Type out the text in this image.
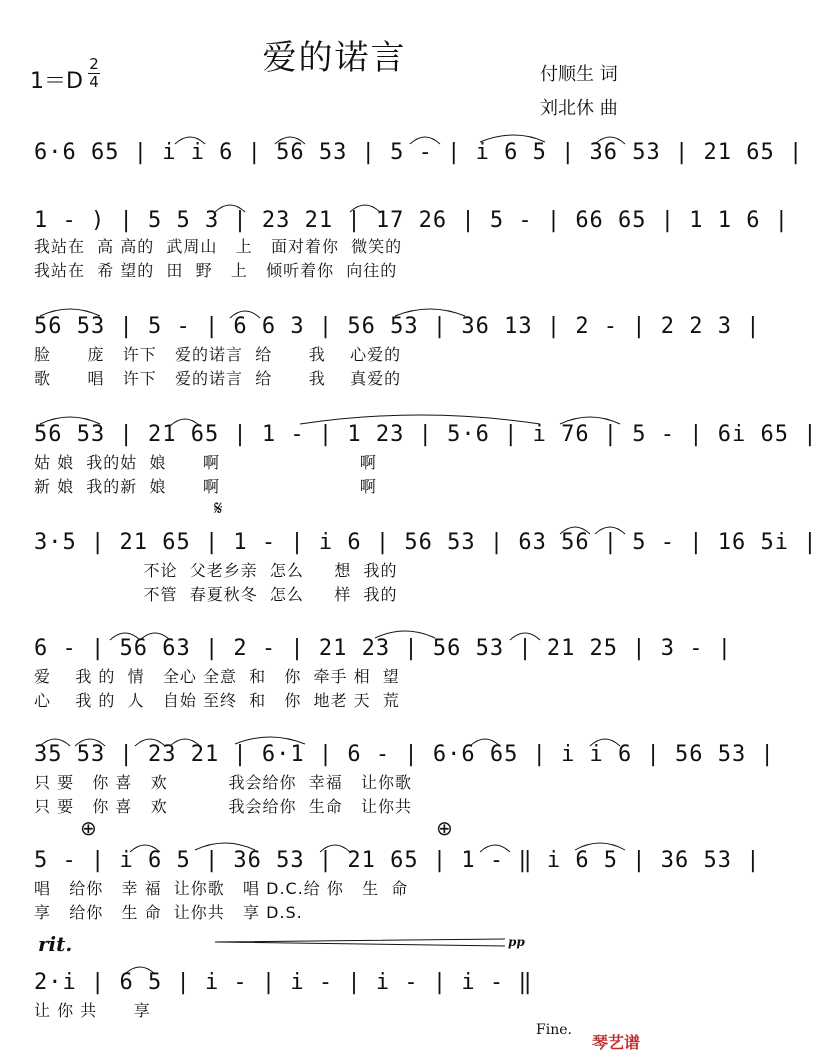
爱的诺言
1＝D
2
4	付顺生 词
刘北休 曲
6·6 65 | i i 6 | 56 53 | 5 - | i 6 5 | 36 53 | 21 65 |
1 - ) | 5 5 3 | 23 21 | 17 26 | 5 - | 66 65 | 1 1 6 |
我站在  高 高的  武周山   上   面对着你  微笑的
我站在  希 望的  田  野   上   倾听着你  向往的
56 53 | 5 - | 6 6 3 | 56 53 | 36 13 | 2 - | 2 2 3 |
脸      庞   许下   爱的诺言  给      我    心爱的
歌      唱   许下   爱的诺言  给      我    真爱的
56 53 | 21 65 | 1 - | 1 23 | 5·6 | i 76 | 5 - | 6i 65 |
姑 娘  我的姑  娘      啊                       啊
新 娘  我的新  娘      啊                       啊
𝄋
3·5 | 21 65 | 1 - | i 6 | 56 53 | 63 56 | 5 - | 16 5i |
不论  父老乡亲  怎么     想  我的
不管  春夏秋冬  怎么     样  我的
6 - | 56 63 | 2 - | 21 23 | 56 53 | 21 25 | 3 - |
爱    我 的  情   全心 全意  和   你  牵手 相  望
心    我 的  人   自始 至终  和   你  地老 天  荒
35 53 | 23 21 | 6·1 | 6 - | 6·6 65 | i i 6 | 56 53 |
只 要   你 喜   欢          我会给你  幸福   让你歌
只 要   你 喜   欢          我会给你  生命   让你共
⊕	⊕
5 - | i 6 5 | 36 53 | 21 65 | 1 - ‖ i 6 5 | 36 53 |
唱   给你   幸 福  让你歌   唱 D.C.给 你   生  命
享   给你   生 命  让你共   享 D.S.
rit.	pp
2·i | 6 5 | i - | i - | i - | i - ‖
让 你 共      享
Fine.
琴艺谱
